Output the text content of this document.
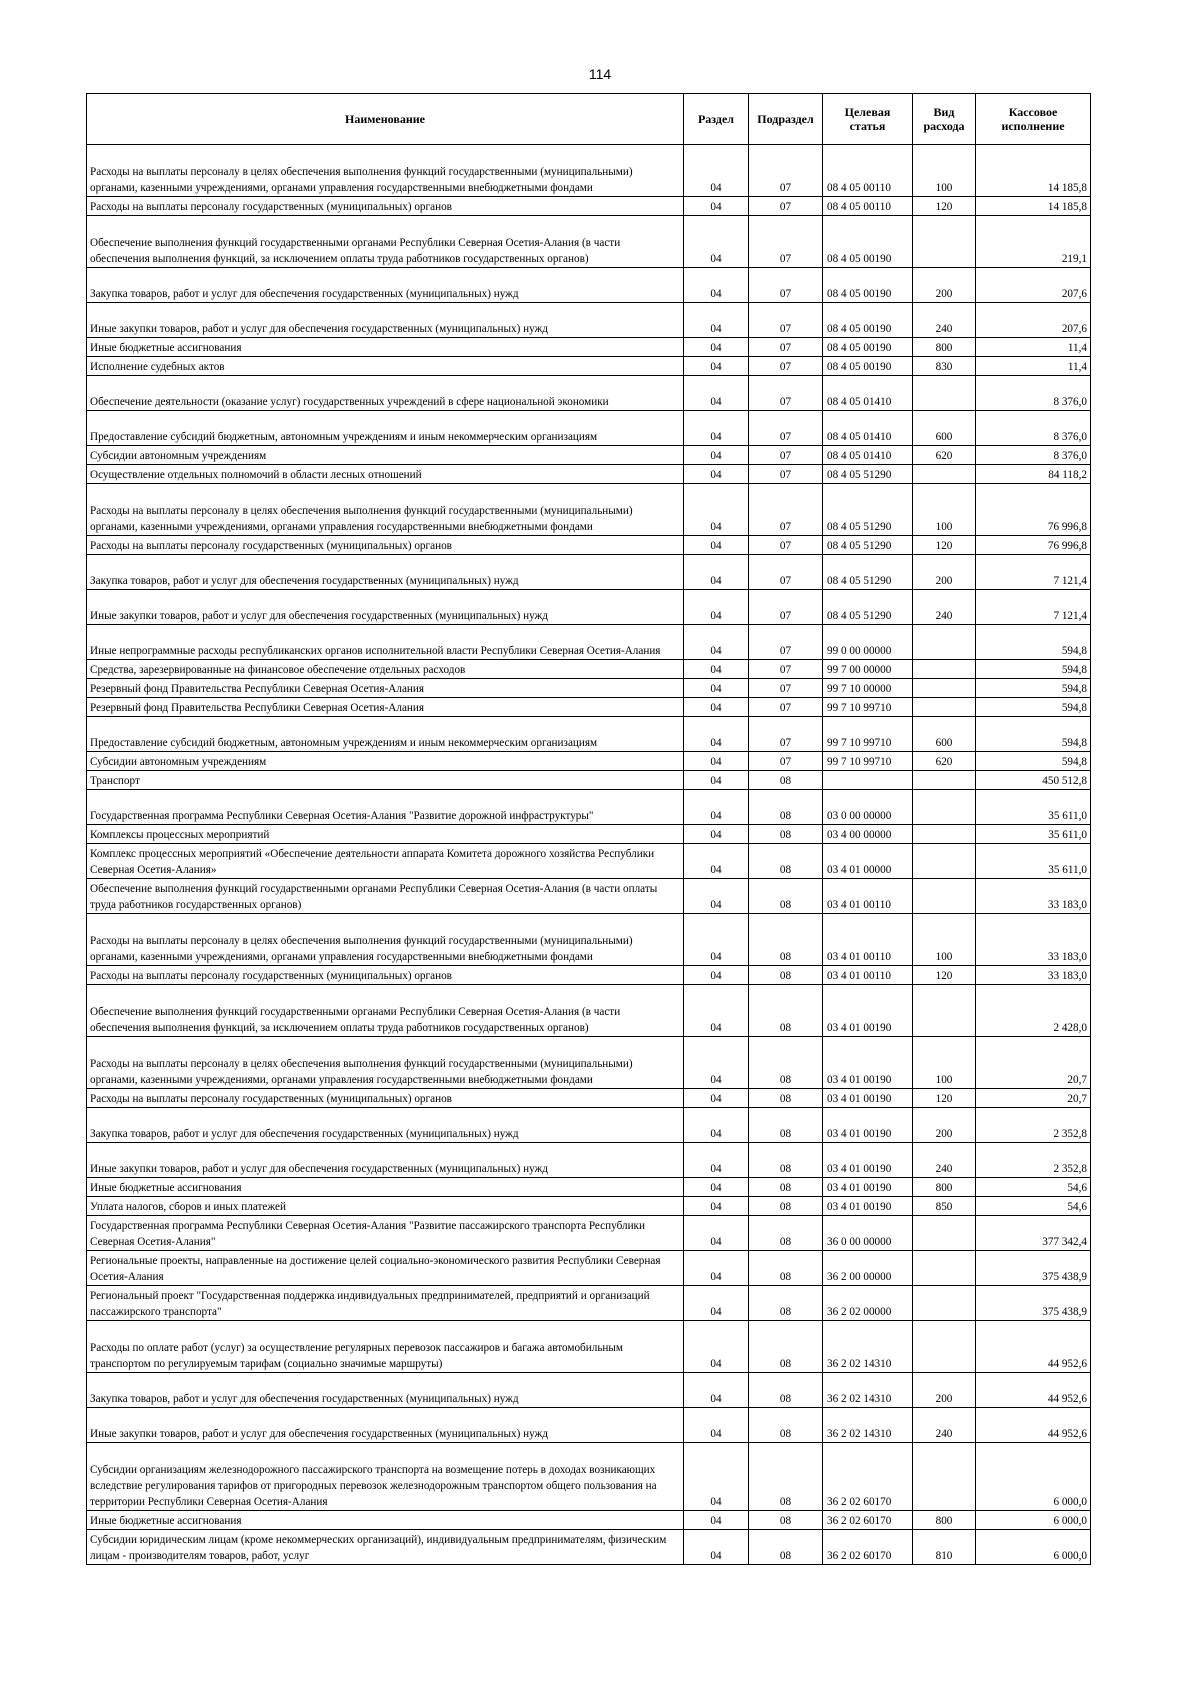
114
Наименование	Раздел	Подраздел	Целевая статья	Вид расхода	Кассовое исполнение
Расходы на выплаты персоналу в целях обеспечения выполнения функций государственными (муниципальными) органами, казенными учреждениями, органами управления государственными внебюджетными фондами	04	07	08 4 05 00110	100	14 185,8
Расходы на выплаты персоналу государственных (муниципальных) органов	04	07	08 4 05 00110	120	14 185,8
Обеспечение выполнения функций государственными органами Республики Северная Осетия-Алания (в части обеспечения выполнения функций, за исключением оплаты труда работников государственных органов)	04	07	08 4 05 00190		219,1
Закупка товаров, работ и услуг для обеспечения государственных (муниципальных) нужд	04	07	08 4 05 00190	200	207,6
Иные закупки товаров, работ и услуг для обеспечения государственных (муниципальных) нужд	04	07	08 4 05 00190	240	207,6
Иные бюджетные ассигнования	04	07	08 4 05 00190	800	11,4
Исполнение судебных актов	04	07	08 4 05 00190	830	11,4
Обеспечение деятельности (оказание услуг) государственных учреждений в сфере национальной экономики	04	07	08 4 05 01410		8 376,0
Предоставление субсидий бюджетным, автономным учреждениям и иным некоммерческим организациям	04	07	08 4 05 01410	600	8 376,0
Субсидии автономным учреждениям	04	07	08 4 05 01410	620	8 376,0
Осуществление отдельных полномочий в области лесных отношений	04	07	08 4 05 51290		84 118,2
Расходы на выплаты персоналу в целях обеспечения выполнения функций государственными (муниципальными) органами, казенными учреждениями, органами управления государственными внебюджетными фондами	04	07	08 4 05 51290	100	76 996,8
Расходы на выплаты персоналу государственных (муниципальных) органов	04	07	08 4 05 51290	120	76 996,8
Закупка товаров, работ и услуг для обеспечения государственных (муниципальных) нужд	04	07	08 4 05 51290	200	7 121,4
Иные закупки товаров, работ и услуг для обеспечения государственных (муниципальных) нужд	04	07	08 4 05 51290	240	7 121,4
Иные непрограммные расходы республиканских органов исполнительной власти Республики Северная Осетия-Алания	04	07	99 0 00 00000		594,8
Средства, зарезервированные на финансовое обеспечение отдельных расходов	04	07	99 7 00 00000		594,8
Резервный фонд Правительства Республики Северная Осетия-Алания	04	07	99 7 10 00000		594,8
Резервный фонд Правительства Республики Северная Осетия-Алания	04	07	99 7 10 99710		594,8
Предоставление субсидий бюджетным, автономным учреждениям и иным некоммерческим организациям	04	07	99 7 10 99710	600	594,8
Субсидии автономным учреждениям	04	07	99 7 10 99710	620	594,8
Транспорт	04	08			450 512,8
Государственная программа Республики Северная Осетия-Алания "Развитие дорожной инфраструктуры"	04	08	03 0 00 00000		35 611,0
Комплексы процессных мероприятий	04	08	03 4 00 00000		35 611,0
Комплекс процессных мероприятий «Обеспечение деятельности аппарата Комитета дорожного хозяйства Республики Северная Осетия-Алания»	04	08	03 4 01 00000		35 611,0
Обеспечение выполнения функций государственными органами Республики Северная Осетия-Алания (в части оплаты труда работников государственных органов)	04	08	03 4 01 00110		33 183,0
Расходы на выплаты персоналу в целях обеспечения выполнения функций государственными (муниципальными) органами, казенными учреждениями, органами управления государственными внебюджетными фондами	04	08	03 4 01 00110	100	33 183,0
Расходы на выплаты персоналу государственных (муниципальных) органов	04	08	03 4 01 00110	120	33 183,0
Обеспечение выполнения функций государственными органами Республики Северная Осетия-Алания (в части обеспечения выполнения функций, за исключением оплаты труда работников государственных органов)	04	08	03 4 01 00190		2 428,0
Расходы на выплаты персоналу в целях обеспечения выполнения функций государственными (муниципальными) органами, казенными учреждениями, органами управления государственными внебюджетными фондами	04	08	03 4 01 00190	100	20,7
Расходы на выплаты персоналу государственных (муниципальных) органов	04	08	03 4 01 00190	120	20,7
Закупка товаров, работ и услуг для обеспечения государственных (муниципальных) нужд	04	08	03 4 01 00190	200	2 352,8
Иные закупки товаров, работ и услуг для обеспечения государственных (муниципальных) нужд	04	08	03 4 01 00190	240	2 352,8
Иные бюджетные ассигнования	04	08	03 4 01 00190	800	54,6
Уплата налогов, сборов и иных платежей	04	08	03 4 01 00190	850	54,6
Государственная программа Республики Северная Осетия-Алания "Развитие пассажирского транспорта Республики Северная Осетия-Алания"	04	08	36 0 00 00000		377 342,4
Региональные проекты, направленные на достижение целей социально-экономического развития Республики Северная Осетия-Алания	04	08	36 2 00 00000		375 438,9
Региональный проект "Государственная поддержка индивидуальных предпринимателей, предприятий и организаций пассажирского транспорта"	04	08	36 2 02 00000		375 438,9
Расходы по оплате работ (услуг) за осуществление регулярных перевозок пассажиров и багажа автомобильным транспортом по регулируемым тарифам (социально значимые маршруты)	04	08	36 2 02 14310		44 952,6
Закупка товаров, работ и услуг для обеспечения государственных (муниципальных) нужд	04	08	36 2 02 14310	200	44 952,6
Иные закупки товаров, работ и услуг для обеспечения государственных (муниципальных) нужд	04	08	36 2 02 14310	240	44 952,6
Субсидии организациям железнодорожного пассажирского транспорта на возмещение потерь в доходах возникающих вследствие регулирования тарифов от пригородных перевозок железнодорожным транспортом общего пользования на территории Республики Северная Осетия-Алания	04	08	36 2 02 60170		6 000,0
Иные бюджетные ассигнования	04	08	36 2 02 60170	800	6 000,0
Субсидии юридическим лицам (кроме некоммерческих организаций), индивидуальным предпринимателям, физическим лицам - производителям товаров, работ, услуг	04	08	36 2 02 60170	810	6 000,0
